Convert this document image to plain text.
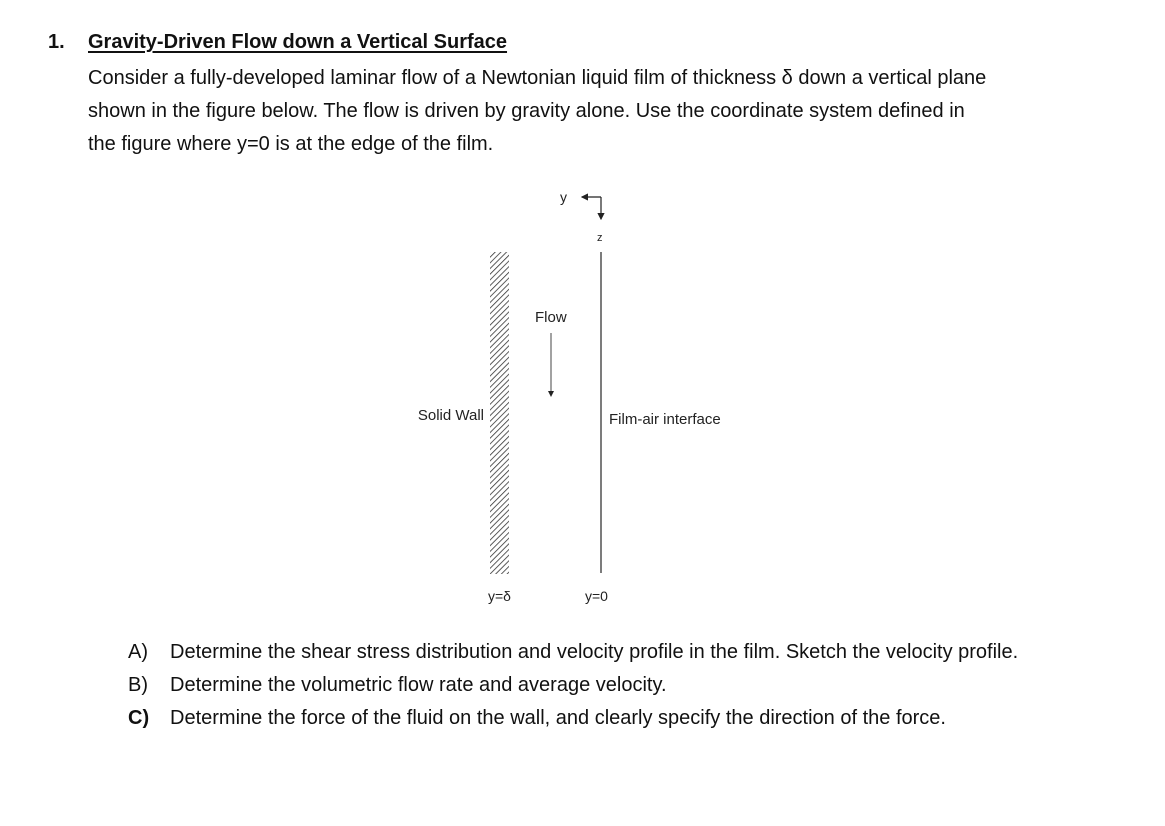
1. Gravity-Driven Flow down a Vertical Surface
Consider a fully-developed laminar flow of a Newtonian liquid film of thickness δ down a vertical plane
shown in the figure below. The flow is driven by gravity alone. Use the coordinate system defined in
the figure where y=0 is at the edge of the film.
y
z
Solid Wall
y=δ
Flow
Film-air interface
y=0
A)	Determine the shear stress distribution and velocity profile in the film. Sketch the velocity profile.
B)	Determine the volumetric flow rate and average velocity.
C)	Determine the force of the fluid on the wall, and clearly specify the direction of the force.
